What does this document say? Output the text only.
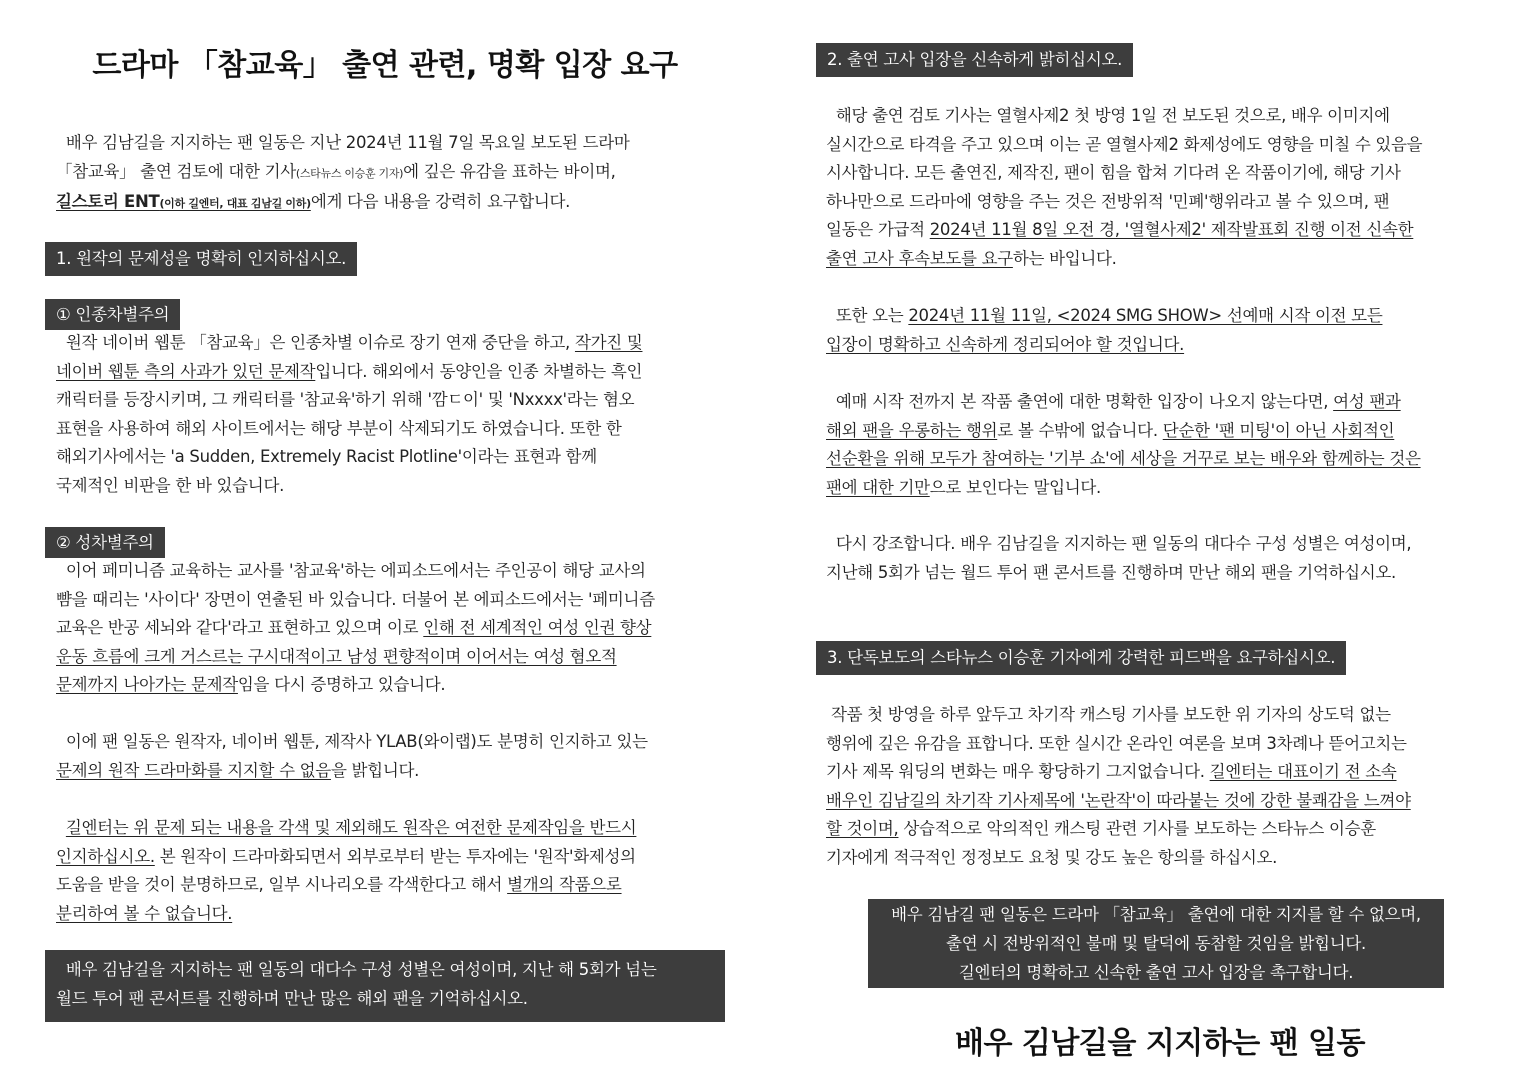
드라마 「참교육」 출연 관련, 명확 입장 요구

배우 김남길을 지지하는 팬 일동은 지난 2024년 11월 7일 목요일 보도된 드라마

「참교육」 출연 검토에 대한 기사(스타뉴스 이승훈 기자)에 깊은 유감을 표하는 바이며,

길스토리 ENT(이하 길엔터, 대표 김남길 이하)에게 다음 내용을 강력히 요구합니다.

1. 원작의 문제성을 명확히 인지하십시오.
① 인종차별주의

원작 네이버 웹툰 「참교육」은 인종차별 이슈로 장기 연재 중단을 하고, 작가진 및

네이버 웹툰 측의 사과가 있던 문제작입니다. 해외에서 동양인을 인종 차별하는 흑인

캐릭터를 등장시키며, 그 캐릭터를 '참교육'하기 위해 '깜ㄷ이' 및 'Nxxxx'라는 혐오

표현을 사용하여 해외 사이트에서는 해당 부분이 삭제되기도 하였습니다. 또한 한

해외기사에서는 'a Sudden, Extremely Racist Plotline'이라는 표현과 함께

국제적인 비판을 한 바 있습니다.

② 성차별주의

이어 페미니즘 교육하는 교사를 '참교육'하는 에피소드에서는 주인공이 해당 교사의

뺨을 때리는 '사이다' 장면이 연출된 바 있습니다. 더불어 본 에피소드에서는 '페미니즘

교육은 반공 세뇌와 같다'라고 표현하고 있으며 이로 인해 전 세계적인 여성 인권 향상

운동 흐름에 크게 거스르는 구시대적이고 남성 편향적이며 이어서는 여성 혐오적

문제까지 나아가는 문제작임을 다시 증명하고 있습니다.

이에 팬 일동은 원작자, 네이버 웹툰, 제작사 YLAB(와이랩)도 분명히 인지하고 있는

문제의 원작 드라마화를 지지할 수 없음을 밝힙니다.

길엔터는 위 문제 되는 내용을 각색 및 제외해도 원작은 여전한 문제작임을 반드시

인지하십시오. 본 원작이 드라마화되면서 외부로부터 받는 투자에는 '원작'화제성의

도움을 받을 것이 분명하므로, 일부 시나리오를 각색한다고 해서 별개의 작품으로

분리하여 볼 수 없습니다.

배우 김남길을 지지하는 팬 일동의 대다수 구성 성별은 여성이며, 지난 해 5회가 넘는

월드 투어 팬 콘서트를 진행하며 만난 많은 해외 팬을 기억하십시오.

2. 출연 고사 입장을 신속하게 밝히십시오.

해당 출연 검토 기사는 열혈사제2 첫 방영 1일 전 보도된 것으로, 배우 이미지에

실시간으로 타격을 주고 있으며 이는 곧 열혈사제2 화제성에도 영향을 미칠 수 있음을

시사합니다. 모든 출연진, 제작진, 팬이 힘을 합쳐 기다려 온 작품이기에, 해당 기사

하나만으로 드라마에 영향을 주는 것은 전방위적 '민폐'행위라고 볼 수 있으며, 팬

일동은 가급적 2024년 11월 8일 오전 경, '열혈사제2' 제작발표회 진행 이전 신속한

출연 고사 후속보도를 요구하는 바입니다.

또한 오는 2024년 11월 11일, <2024 SMG SHOW> 선예매 시작 이전 모든

입장이 명확하고 신속하게 정리되어야 할 것입니다.

예매 시작 전까지 본 작품 출연에 대한 명확한 입장이 나오지 않는다면, 여성 팬과

해외 팬을 우롱하는 행위로 볼 수밖에 없습니다. 단순한 '팬 미팅'이 아닌 사회적인

선순환을 위해 모두가 참여하는 '기부 쇼'에 세상을 거꾸로 보는 배우와 함께하는 것은

팬에 대한 기만으로 보인다는 말입니다.

다시 강조합니다. 배우 김남길을 지지하는 팬 일동의 대다수 구성 성별은 여성이며,

지난해 5회가 넘는 월드 투어 팬 콘서트를 진행하며 만난 해외 팬을 기억하십시오.

3. 단독보도의 스타뉴스 이승훈 기자에게 강력한 피드백을 요구하십시오.

작품 첫 방영을 하루 앞두고 차기작 캐스팅 기사를 보도한 위 기자의 상도덕 없는

행위에 깊은 유감을 표합니다. 또한 실시간 온라인 여론을 보며 3차례나 뜯어고치는

기사 제목 워딩의 변화는 매우 황당하기 그지없습니다. 길엔터는 대표이기 전 소속

배우인 김남길의 차기작 기사제목에 '논란작'이 따라붙는 것에 강한 불쾌감을 느껴야

할 것이며, 상습적으로 악의적인 캐스팅 관련 기사를 보도하는 스타뉴스 이승훈

기자에게 적극적인 정정보도 요청 및 강도 높은 항의를 하십시오.

배우 김남길 팬 일동은 드라마 「참교육」 출연에 대한 지지를 할 수 없으며,

출연 시 전방위적인 불매 및 탈덕에 동참할 것임을 밝힙니다.

길엔터의 명확하고 신속한 출연 고사 입장을 촉구합니다.

배우 김남길을 지지하는 팬 일동
